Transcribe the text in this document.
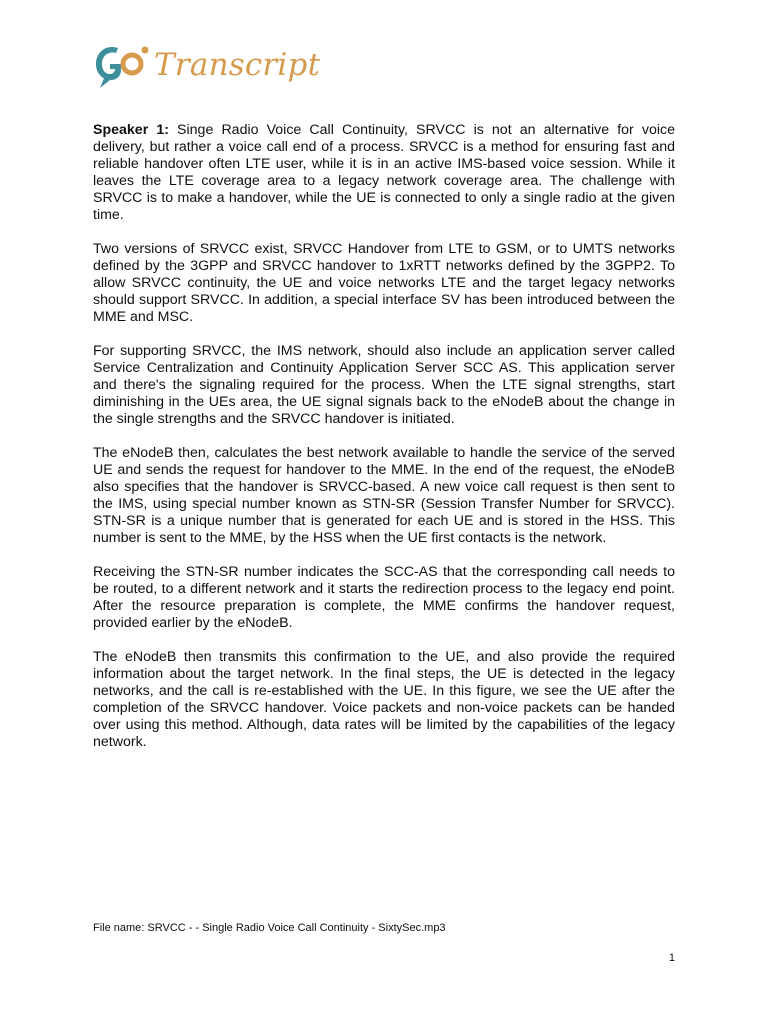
Transcript

Speaker 1: Singe Radio Voice Call Continuity, SRVCC is not an alternative for voice delivery, but rather a voice call end of a process. SRVCC is a method for ensuring fast and reliable handover often LTE user, while it is in an active IMS-based voice session. While it leaves the LTE coverage area to a legacy network coverage area. The challenge with SRVCC is to make a handover, while the UE is connected to only a single radio at the given time.

Two versions of SRVCC exist, SRVCC Handover from LTE to GSM, or to UMTS networks defined by the 3GPP and SRVCC handover to 1xRTT networks defined by the 3GPP2. To allow SRVCC continuity, the UE and voice networks LTE and the target legacy networks should support SRVCC. In addition, a special interface SV has been introduced between the MME and MSC.

For supporting SRVCC, the IMS network, should also include an application server called Service Centralization and Continuity Application Server SCC AS. This application server and there's the signaling required for the process. When the LTE signal strengths, start diminishing in the UEs area, the UE signal signals back to the eNodeB about the change in the single strengths and the SRVCC handover is initiated.

The eNodeB then, calculates the best network available to handle the service of the served UE and sends the request for handover to the MME. In the end of the request, the eNodeB also specifies that the handover is SRVCC-based. A new voice call request is then sent to the IMS, using special number known as STN-SR (Session Transfer Number for SRVCC). STN-SR is a unique number that is generated for each UE and is stored in the HSS. This number is sent to the MME, by the HSS when the UE first contacts is the network.

Receiving the STN-SR number indicates the SCC-AS that the corresponding call needs to be routed, to a different network and it starts the redirection process to the legacy end point. After the resource preparation is complete, the MME confirms the handover request, provided earlier by the eNodeB.

The eNodeB then transmits this confirmation to the UE, and also provide the required information about the target network. In the final steps, the UE is detected in the legacy networks, and the call is re-established with the UE. In this figure, we see the UE after the completion of the SRVCC handover. Voice packets and non-voice packets can be handed over using this method. Although, data rates will be limited by the capabilities of the legacy network.

File name: SRVCC - - Single Radio Voice Call Continuity - SixtySec.mp3
1
